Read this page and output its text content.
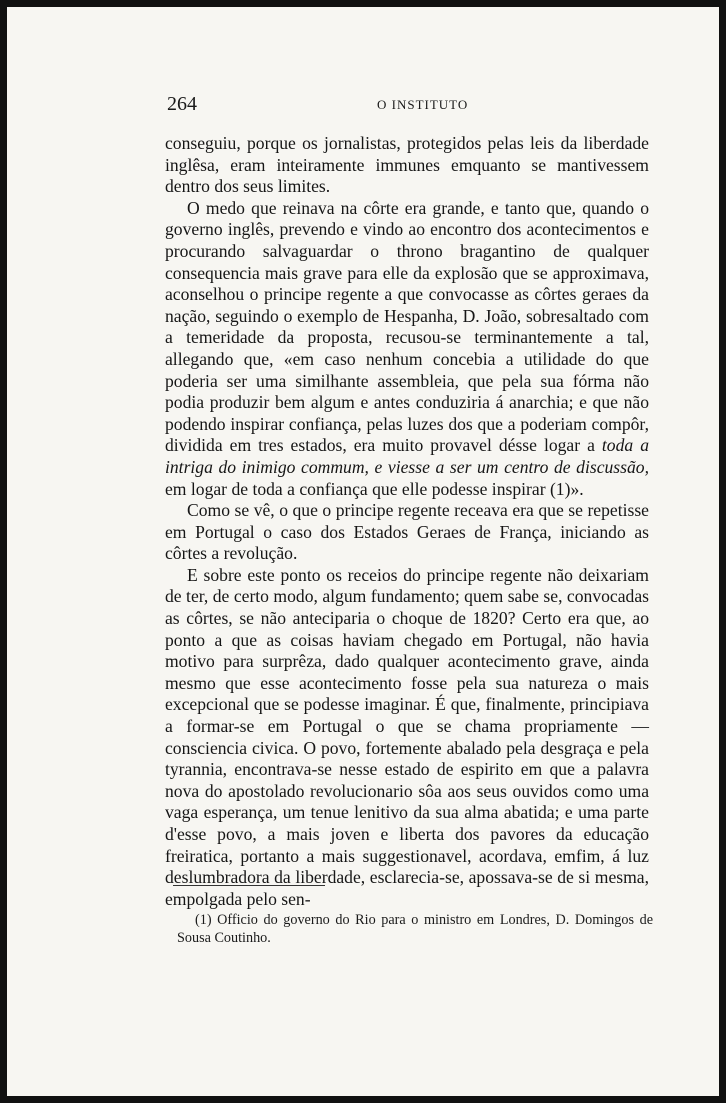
264	O INSTITUTO

conseguiu, porque os jornalistas, protegidos pelas leis da liberdade inglêsa, eram inteiramente immunes emquanto se mantivessem dentro dos seus limites.

O medo que reinava na côrte era grande, e tanto que, quando o governo inglês, prevendo e vindo ao encontro dos acontecimentos e procurando salvaguardar o throno bragantino de qualquer consequencia mais grave para elle da explosão que se approximava, aconselhou o principe regente a que convocasse as côrtes geraes da nação, seguindo o exemplo de Hespanha, D. João, sobresaltado com a temeridade da proposta, recusou-se terminantemente a tal, allegando que, «em caso nenhum concebia a utilidade do que poderia ser uma similhante assembleia, que pela sua fórma não podia produzir bem algum e antes conduziria á anarchia; e que não podendo inspirar confiança, pelas luzes dos que a poderiam compôr, dividida em tres estados, era muito provavel désse logar a toda a intriga do inimigo commum, e viesse a ser um centro de discussão, em logar de toda a confiança que elle podesse inspirar (1)».

Como se vê, o que o principe regente receava era que se repetisse em Portugal o caso dos Estados Geraes de França, iniciando as côrtes a revolução.

E sobre este ponto os receios do principe regente não deixariam de ter, de certo modo, algum fundamento; quem sabe se, convocadas as côrtes, se não anteciparia o choque de 1820? Certo era que, ao ponto a que as coisas haviam chegado em Portugal, não havia motivo para surprêza, dado qualquer acontecimento grave, ainda mesmo que esse acontecimento fosse pela sua natureza o mais excepcional que se podesse imaginar. É que, finalmente, principiava a formar-se em Portugal o que se chama propriamente — consciencia civica. O povo, fortemente abalado pela desgraça e pela tyrannia, encontrava-se nesse estado de espirito em que a palavra nova do apostolado revolucionario sôa aos seus ouvidos como uma vaga esperança, um tenue lenitivo da sua alma abatida; e uma parte d'esse povo, a mais joven e liberta dos pavores da educação freiratica, portanto a mais suggestionavel, acordava, emfim, á luz deslumbradora da liberdade, esclarecia-se, apossava-se de si mesma, empolgada pelo sen-

(1) Officio do governo do Rio para o ministro em Londres, D. Domingos de Sousa Coutinho.
